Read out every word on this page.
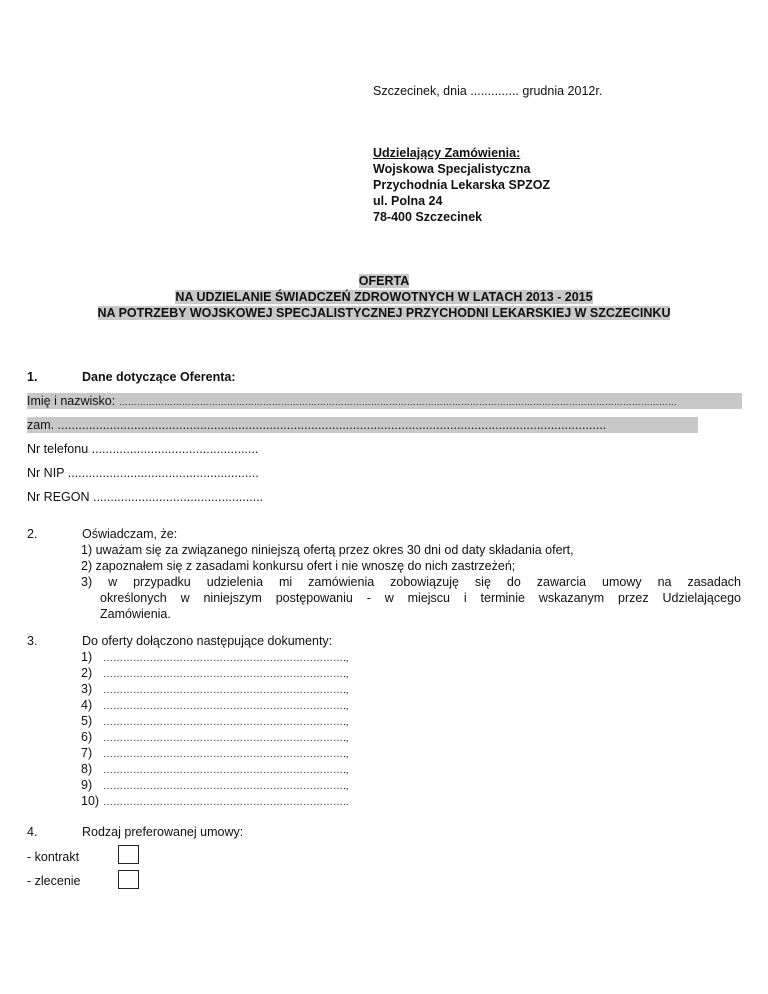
Szczecinek, dnia .............. grudnia 2012r.
Udzielający Zamówienia:
Wojskowa Specjalistyczna
Przychodnia Lekarska SPZOZ
ul. Polna 24
78-400 Szczecinek
OFERTA
NA UDZIELANIE ŚWIADCZEŃ ZDROWOTNYCH W LATACH 2013 - 2015
NA POTRZEBY WOJSKOWEJ SPECJALISTYCZNEJ PRZYCHODNI LEKARSKIEJ W SZCZECINKU
1.	Dane dotyczące Oferenta:
Imię i nazwisko: ……………………………………………………………………………………………………………………………………………………………………
zam. ..............................................................................................................................................................
Nr telefonu ................................................
Nr NIP .......................................................
Nr REGON .................................................
2.	Oświadczam, że:
1) uważam się za związanego niniejszą ofertą przez okres 30 dni od daty składania ofert,
2) zapoznałem się z zasadami konkursu ofert i nie wnoszę do nich zastrzeżeń;
3) w przypadku udzielenia mi zamówienia zobowiązuję się do zawarcia umowy na zasadach
określonych w niniejszym postępowaniu - w miejscu i terminie wskazanym przez Udzielającego
Zamówienia.
3.	Do oferty dołączono następujące dokumenty:
1) ……………………………………………………………….,
2) ……………………………………………………………….,
3) ……………………………………………………………….,
4) ……………………………………………………………….,
5) ……………………………………………………………….,
6) ……………………………………………………………….,
7) ……………………………………………………………….,
8) ……………………………………………………………….,
9) ……………………………………………………………….,
10) ………………………………………………………………..
4.	Rodzaj preferowanej umowy:
- kontrakt
- zlecenie
